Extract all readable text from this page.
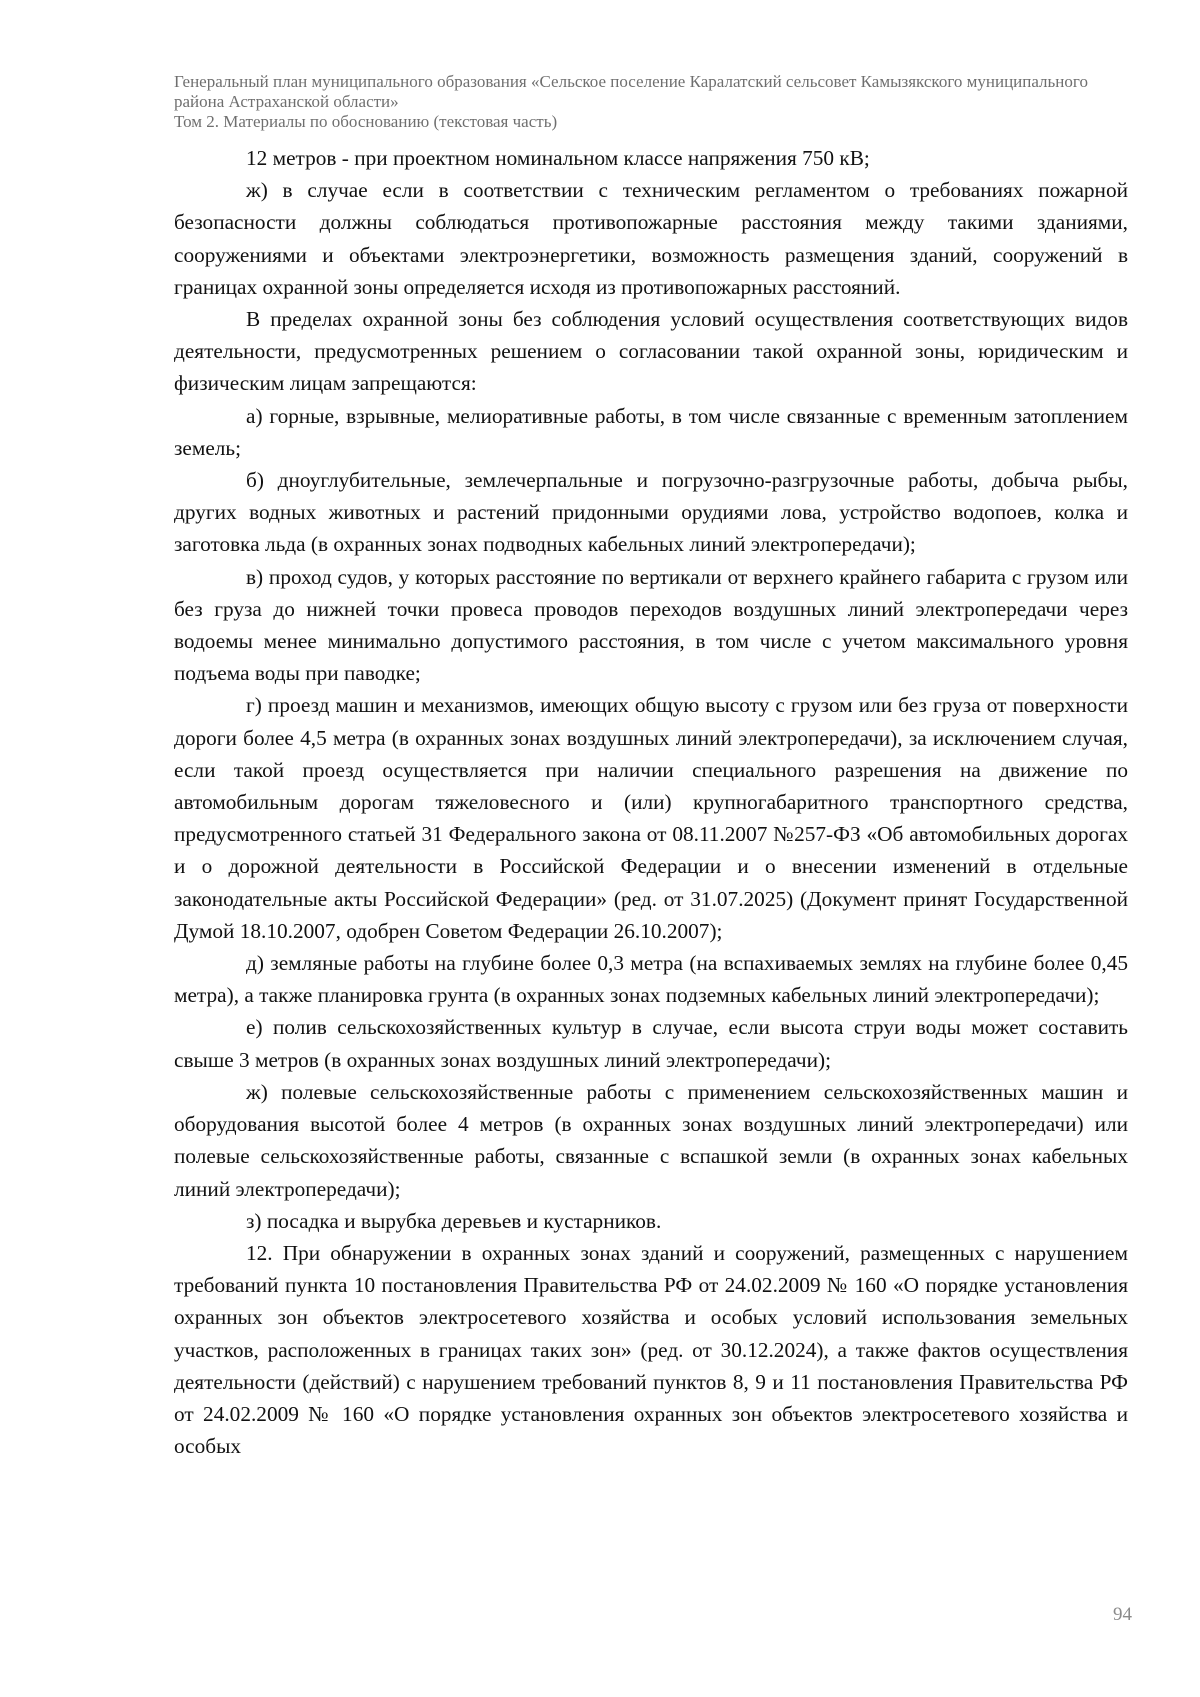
Генеральный план муниципального образования «Сельское поселение Каралатский сельсовет Камызякского муниципального района Астраханской области»
Том 2. Материалы по обоснованию (текстовая часть)

12 метров - при проектном номинальном классе напряжения 750 кВ;

ж) в случае если в соответствии с техническим регламентом о требованиях пожарной безопасности должны соблюдаться противопожарные расстояния между такими зданиями, сооружениями и объектами электроэнергетики, возможность размещения зданий, сооружений в границах охранной зоны определяется исходя из противопожарных расстояний.

В пределах охранной зоны без соблюдения условий осуществления соответствующих видов деятельности, предусмотренных решением о согласовании такой охранной зоны, юридическим и физическим лицам запрещаются:

а) горные, взрывные, мелиоративные работы, в том числе связанные с временным затоплением земель;

б) дноуглубительные, землечерпальные и погрузочно-разгрузочные работы, добыча рыбы, других водных животных и растений придонными орудиями лова, устройство водопоев, колка и заготовка льда (в охранных зонах подводных кабельных линий электропередачи);

в) проход судов, у которых расстояние по вертикали от верхнего крайнего габарита с грузом или без груза до нижней точки провеса проводов переходов воздушных линий электропередачи через водоемы менее минимально допустимого расстояния, в том числе с учетом максимального уровня подъема воды при паводке;

г) проезд машин и механизмов, имеющих общую высоту с грузом или без груза от поверхности дороги более 4,5 метра (в охранных зонах воздушных линий электропередачи), за исключением случая, если такой проезд осуществляется при наличии специального разрешения на движение по автомобильным дорогам тяжеловесного и (или) крупногабаритного транспортного средства, предусмотренного статьей 31 Федерального закона от 08.11.2007 №257-ФЗ «Об автомобильных дорогах и о дорожной деятельности в Российской Федерации и о внесении изменений в отдельные законодательные акты Российской Федерации» (ред. от 31.07.2025) (Документ принят Государственной Думой 18.10.2007, одобрен Советом Федерации 26.10.2007);

д) земляные работы на глубине более 0,3 метра (на вспахиваемых землях на глубине более 0,45 метра), а также планировка грунта (в охранных зонах подземных кабельных линий электропередачи);

е) полив сельскохозяйственных культур в случае, если высота струи воды может составить свыше 3 метров (в охранных зонах воздушных линий электропередачи);

ж) полевые сельскохозяйственные работы с применением сельскохозяйственных машин и оборудования высотой более 4 метров (в охранных зонах воздушных линий электропередачи) или полевые сельскохозяйственные работы, связанные с вспашкой земли (в охранных зонах кабельных линий электропередачи);

з) посадка и вырубка деревьев и кустарников.

12. При обнаружении в охранных зонах зданий и сооружений, размещенных с нарушением требований пункта 10 постановления Правительства РФ от 24.02.2009 № 160 «О порядке установления охранных зон объектов электросетевого хозяйства и особых условий использования земельных участков, расположенных в границах таких зон» (ред. от 30.12.2024), а также фактов осуществления деятельности (действий) с нарушением требований пунктов 8, 9 и 11 постановления Правительства РФ от 24.02.2009 № 160 «О порядке установления охранных зон объектов электросетевого хозяйства и особых

94
